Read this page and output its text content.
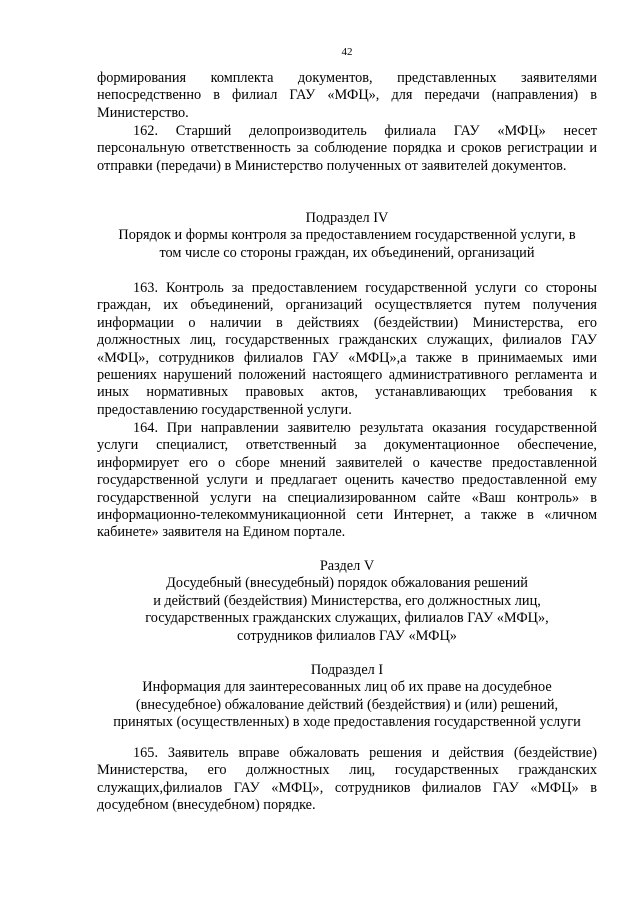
42
формирования комплекта документов, представленных заявителями непосредственно в филиал ГАУ «МФЦ», для передачи (направления) в Министерство.
162. Старший делопроизводитель филиала ГАУ «МФЦ» несет персональную ответственность за соблюдение порядка и сроков регистрации и отправки (передачи) в Министерство полученных от заявителей документов.
Подраздел IV
Порядок и формы контроля за предоставлением государственной услуги, в
том числе со стороны граждан, их объединений, организаций
163. Контроль за предоставлением государственной услуги со стороны граждан, их объединений, организаций осуществляется путем получения информации о наличии в действиях (бездействии) Министерства, его должностных лиц, государственных гражданских служащих, филиалов ГАУ «МФЦ», сотрудников филиалов ГАУ «МФЦ»,а также в принимаемых ими решениях нарушений положений настоящего административного регламента и иных нормативных правовых актов, устанавливающих требования к предоставлению государственной услуги.
164. При направлении заявителю результата оказания государственной услуги специалист, ответственный за документационное обеспечение, информирует его о сборе мнений заявителей о качестве предоставленной государственной услуги и предлагает оценить качество предоставленной ему государственной услуги на специализированном сайте «Ваш контроль» в информационно-телекоммуникационной сети Интернет, а также в «личном кабинете» заявителя на Едином портале.
Раздел V
Досудебный (внесудебный) порядок обжалования решений
и действий (бездействия) Министерства, его должностных лиц,
государственных гражданских служащих, филиалов ГАУ «МФЦ»,
сотрудников филиалов ГАУ «МФЦ»
Подраздел I
Информация для заинтересованных лиц об их праве на досудебное
(внесудебное) обжалование действий (бездействия) и (или) решений,
принятых (осуществленных) в ходе предоставления государственной услуги
165. Заявитель вправе обжаловать решения и действия (бездействие) Министерства, его должностных лиц, государственных гражданских служащих,филиалов ГАУ «МФЦ», сотрудников филиалов ГАУ «МФЦ» в досудебном (внесудебном) порядке.
